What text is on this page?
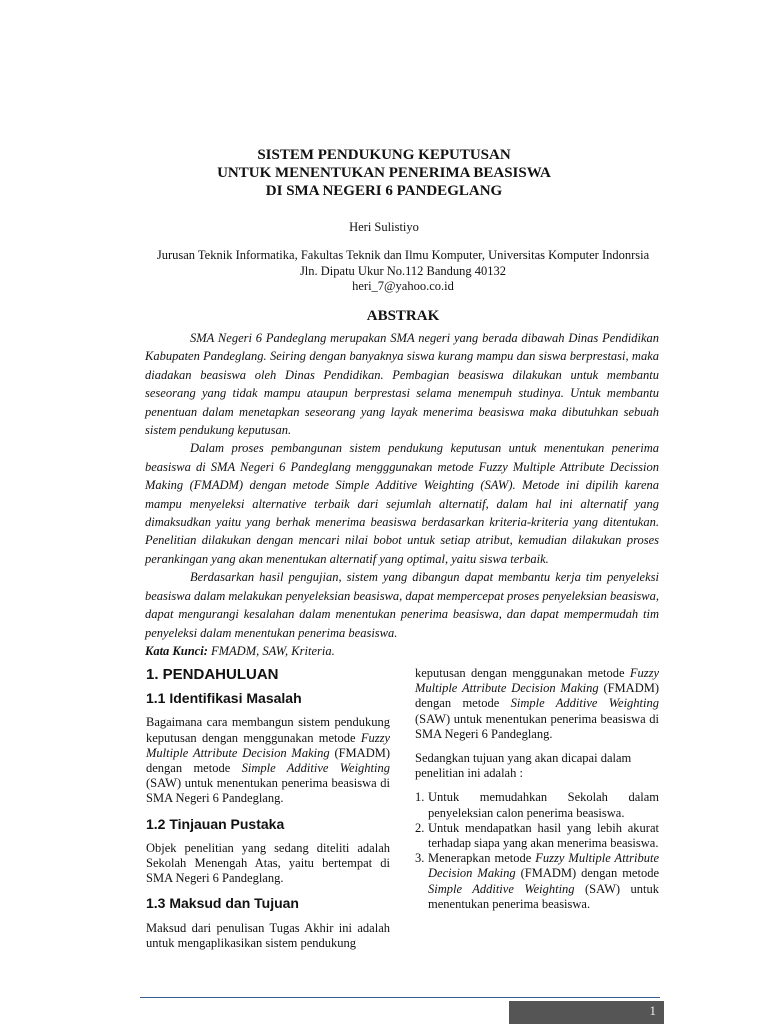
SISTEM PENDUKUNG KEPUTUSAN
UNTUK MENENTUKAN PENERIMA BEASISWA
DI SMA NEGERI 6 PANDEGLANG
Heri Sulistiyo
Jurusan Teknik Informatika, Fakultas Teknik dan Ilmu Komputer, Universitas Komputer Indonrsia
Jln. Dipatu Ukur No.112 Bandung 40132
heri_7@yahoo.co.id
ABSTRAK

SMA Negeri 6 Pandeglang merupakan SMA negeri yang berada dibawah Dinas Pendidikan Kabupaten Pandeglang. Seiring dengan banyaknya siswa kurang mampu dan siswa berprestasi, maka diadakan beasiswa oleh Dinas Pendidikan. Pembagian beasiswa dilakukan untuk membantu seseorang yang tidak mampu ataupun berprestasi selama menempuh studinya. Untuk membantu penentuan dalam menetapkan seseorang yang layak menerima beasiswa maka dibutuhkan sebuah sistem pendukung keputusan.

Dalam proses pembangunan sistem pendukung keputusan untuk menentukan penerima beasiswa di SMA Negeri 6 Pandeglang mengggunakan metode Fuzzy Multiple Attribute Decission Making (FMADM) dengan metode Simple Additive Weighting (SAW). Metode ini dipilih karena mampu menyeleksi alternative terbaik dari sejumlah alternatif, dalam hal ini alternatif yang dimaksudkan yaitu yang berhak menerima beasiswa berdasarkan kriteria-kriteria yang ditentukan. Penelitian dilakukan dengan mencari nilai bobot untuk setiap atribut, kemudian dilakukan proses perankingan yang akan menentukan alternatif yang optimal, yaitu siswa terbaik.

Berdasarkan hasil pengujian, sistem yang dibangun dapat membantu kerja tim penyeleksi beasiswa dalam melakukan penyeleksian beasiswa, dapat mempercepat proses penyeleksian beasiswa, dapat mengurangi kesalahan dalam menentukan penerima beasiswa, dan dapat mempermudah tim penyeleksi dalam menentukan penerima beasiswa.

Kata Kunci: FMADM, SAW, Kriteria.
1. PENDAHULUAN
1.1 Identifikasi Masalah

Bagaimana cara membangun sistem pendukung keputusan dengan menggunakan metode Fuzzy Multiple Attribute Decision Making (FMADM) dengan metode Simple Additive Weighting (SAW) untuk menentukan penerima beasiswa di SMA Negeri 6 Pandeglang.

1.2 Tinjauan Pustaka

Objek penelitian yang sedang diteliti adalah Sekolah Menengah Atas, yaitu bertempat di SMA Negeri 6 Pandeglang.

1.3 Maksud dan Tujuan

Maksud dari penulisan Tugas Akhir ini adalah untuk mengaplikasikan sistem pendukung

keputusan dengan menggunakan metode Fuzzy Multiple Attribute Decision Making (FMADM) dengan metode Simple Additive Weighting (SAW) untuk menentukan penerima beasiswa di SMA Negeri 6 Pandeglang.

Sedangkan tujuan yang akan dicapai dalam penelitian ini adalah :

1. Untuk memudahkan Sekolah dalam penyeleksian calon penerima beasiswa.
2. Untuk mendapatkan hasil yang lebih akurat terhadap siapa yang akan menerima beasiswa.
3. Menerapkan metode Fuzzy Multiple Attribute Decision Making (FMADM) dengan metode Simple Additive Weighting (SAW) untuk menentukan penerima beasiswa.
1
